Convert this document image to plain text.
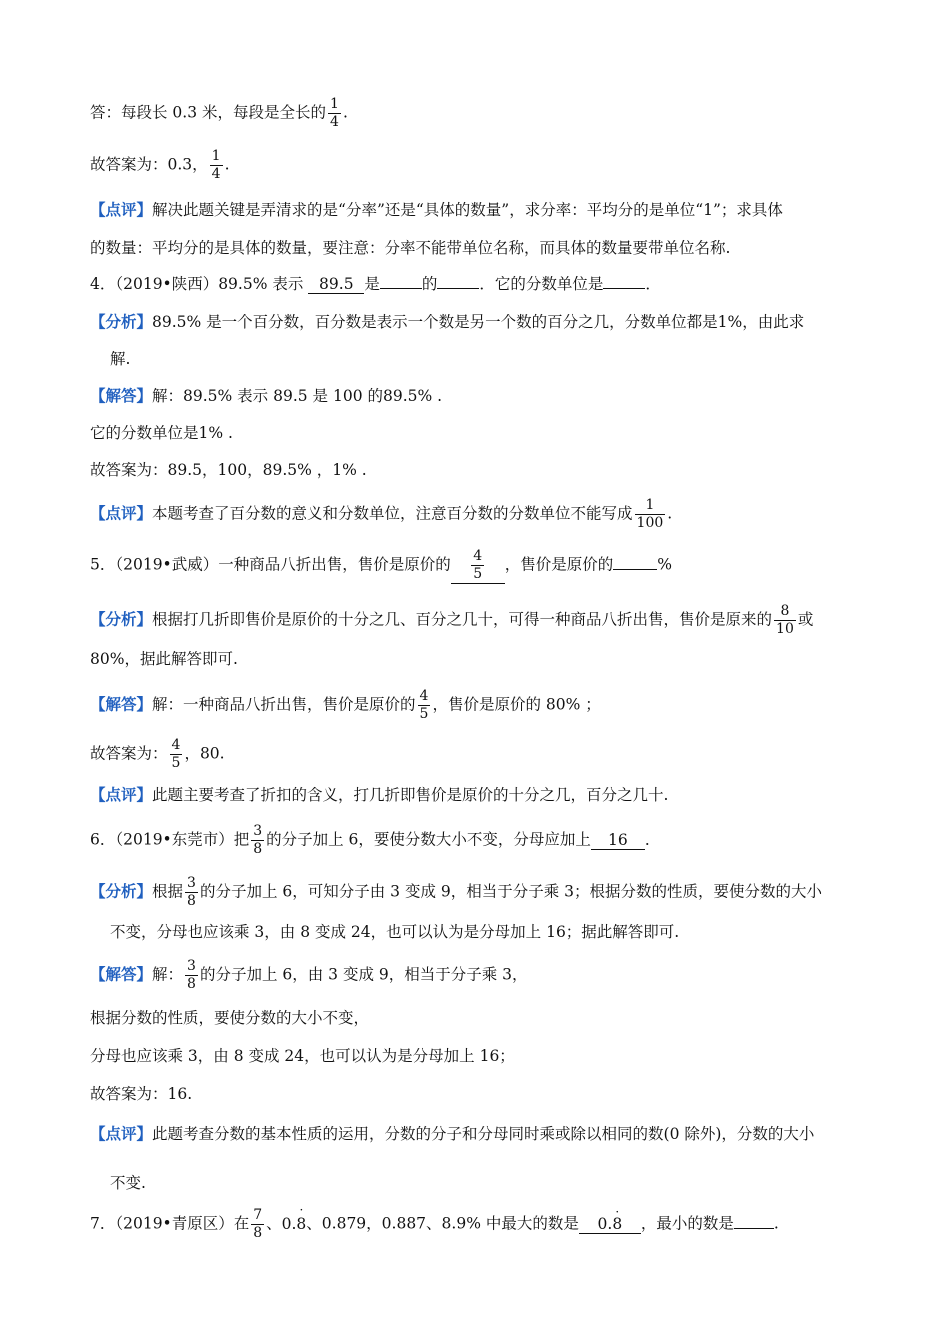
答：每段长 0.3 米，每段是全长的 $\frac{1}{4}$ .
故答案为：0.3， $\frac{1}{4}$ .
【点评】解决此题关键是弄清求的是“分率”还是“具体的数量”，求分率：平均分的是单位“1”；求具体
的数量：平均分的是具体的数量，要注意：分率不能带单位名称，而具体的数量要带单位名称.
4．（2019•陕西）89.5% 表示 89.5 是	的	．它的分数单位是	．
【分析】89.5% 是一个百分数，百分数是表示一个数是另一个数的百分之几，分数单位都是1%，由此求
解.
【解答】解：89.5% 表示 89.5 是 100 的89.5% .
它的分数单位是1% .
故答案为：89.5，100，89.5% ，1% .
【点评】本题考查了百分数的意义和分数单位，注意百分数的分数单位不能写成 $\frac{1}{100}$ .
5．（2019•武威）一种商品八折出售，售价是原价的 $\frac{4}{5}$ ，售价是原价的	%
【分析】根据打几折即售价是原价的十分之几、百分之几十，可得一种商品八折出售，售价是原来的 $\frac{8}{10}$ 或
80%，据此解答即可.
【解答】解：一种商品八折出售，售价是原价的 $\frac{4}{5}$ ，售价是原价的 80% ；
故答案为： $\frac{4}{5}$ ，80.
【点评】此题主要考查了折扣的含义，打几折即售价是原价的十分之几，百分之几十.
6．（2019•东莞市）把 $\frac{3}{8}$ 的分子加上 6，要使分数大小不变，分母应加上 16 ．
【分析】根据 $\frac{3}{8}$ 的分子加上 6，可知分子由 3 变成 9，相当于分子乘 3；根据分数的性质，要使分数的大小
不变，分母也应该乘 3，由 8 变成 24，也可以认为是分母加上 16；据此解答即可.
【解答】解： $\frac{3}{8}$ 的分子加上 6，由 3 变成 9，相当于分子乘 3，
根据分数的性质，要使分数的大小不变，
分母也应该乘 3，由 8 变成 24，也可以认为是分母加上 16；
故答案为：16.
【点评】此题考查分数的基本性质的运用，分数的分子和分母同时乘或除以相同的数(0 除外)，分数的大小
不变.
7．（2019•青原区）在 $\frac{7}{8}$ 、0.8
·
、0.879，0.887、8.9% 中最大的数是 0.8
·
，最小的数是	.
